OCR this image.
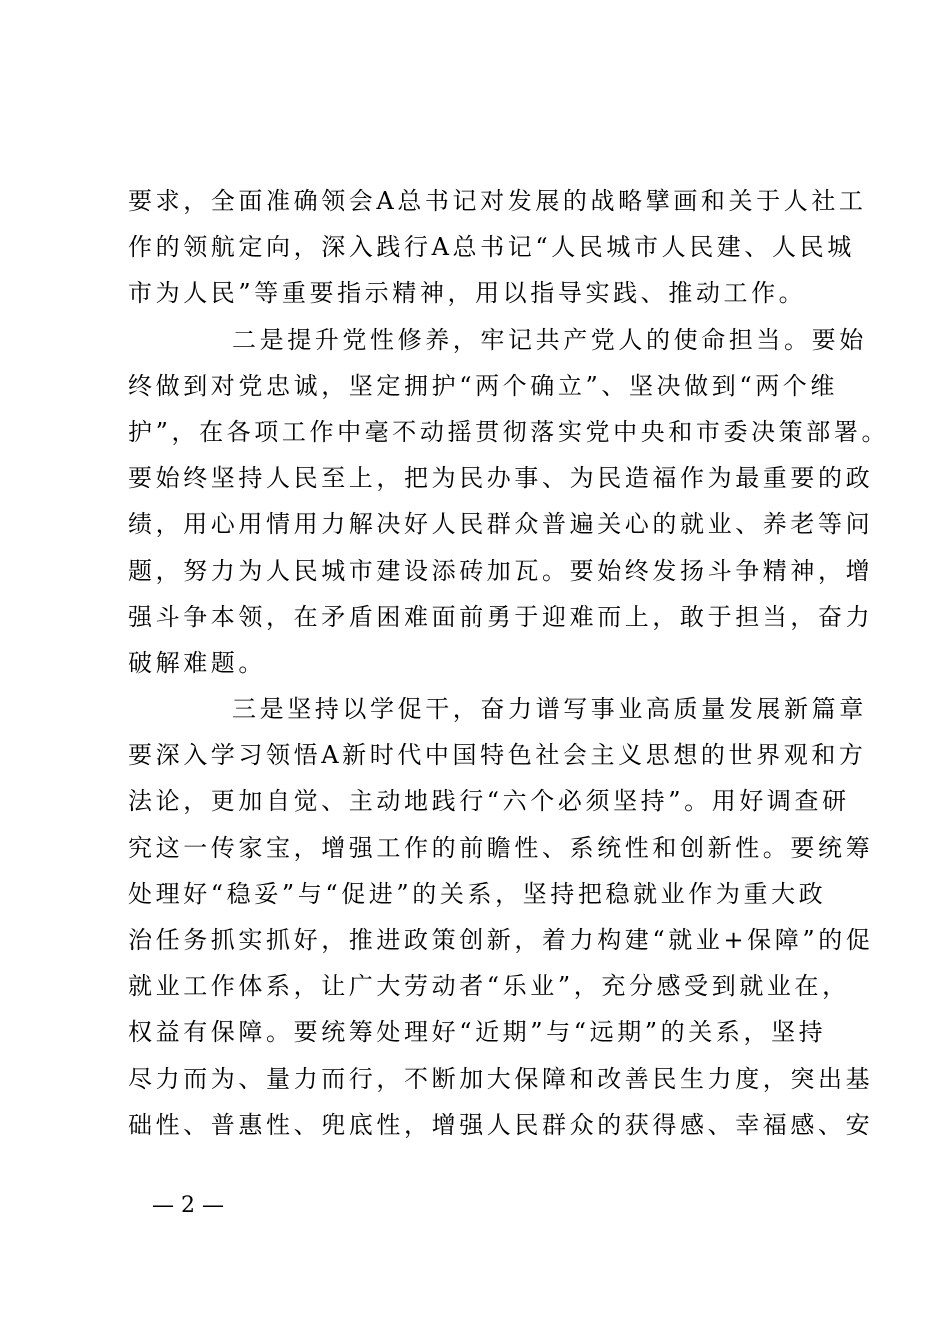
要求，全面准确领会A总书记对发展的战略擘画和关于人社工
作的领航定向，深入践行A总书记“人民城市人民建、人民城
市为人民”等重要指示精神，用以指导实践、推动工作。
二是提升党性修养，牢记共产党人的使命担当。要始
终做到对党忠诚，坚定拥护“两个确立”、坚决做到“两个维
护”，在各项工作中毫不动摇贯彻落实党中央和市委决策部署。
要始终坚持人民至上，把为民办事、为民造福作为最重要的政
绩，用心用情用力解决好人民群众普遍关心的就业、养老等问
题，努力为人民城市建设添砖加瓦。要始终发扬斗争精神，增
强斗争本领，在矛盾困难面前勇于迎难而上，敢于担当，奋力
破解难题。
三是坚持以学促干，奋力谱写事业高质量发展新篇章
要深入学习领悟A新时代中国特色社会主义思想的世界观和方
法论，更加自觉、主动地践行“六个必须坚持”。用好调查研
究这一传家宝，增强工作的前瞻性、系统性和创新性。要统筹
处理好“稳妥”与“促进”的关系，坚持把稳就业作为重大政
治任务抓实抓好，推进政策创新，着力构建“就业+保障”的促
就业工作体系，让广大劳动者“乐业”，充分感受到就业在，
权益有保障。要统筹处理好“近期”与“远期”的关系，坚持
尽力而为、量力而行，不断加大保障和改善民生力度，突出基
础性、普惠性、兜底性，增强人民群众的获得感、幸福感、安
— 2 —
